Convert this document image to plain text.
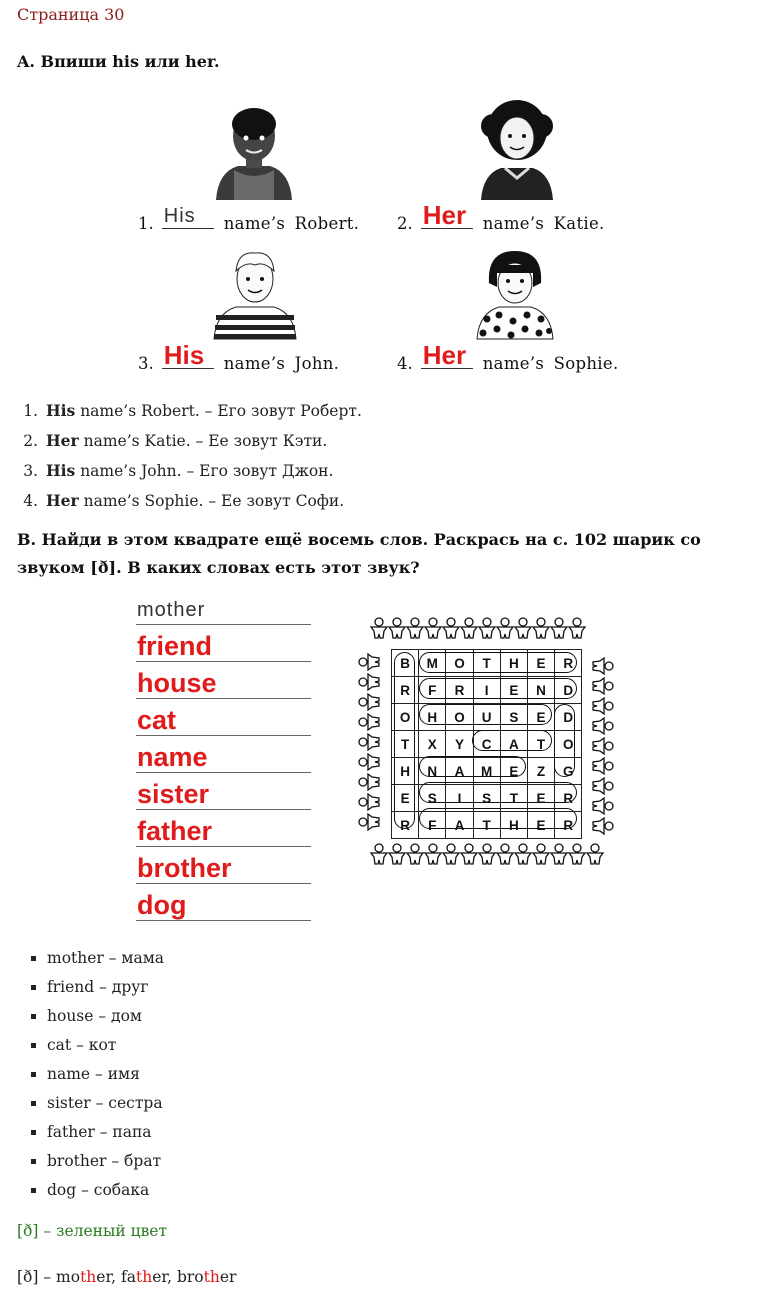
Страница 30
A. Впиши his или her.
1. His name’s Robert. 2. Her name’s Katie.
3. His name’s John.	4. Her name’s Sophie.
1. His name’s Robert. – Его зовут Роберт.
2. Her name’s Katie. – Ее зовут Кэти.
3. His name’s John. – Его зовут Джон.
4. Her name’s Sophie. – Ее зовут Софи.
B. Найди в этом квадрате ещё восемь слов. Раскрась на с. 102 шарик со звуком [ð]. В каких словах есть этот звук?
mother
friend
house
cat
name
sister
father
brother
dog
B	M	O	T	H	E	R
R	F	R	I	E	N	D
O	H	O	U	S	E	D
T	X	Y	C	A	T	O
H	N	A	M	E	Z	G
E	S	I	S	T	E	R
R	F	A	T	H	E	R
▪ mother – мама
▪ friend – друг
▪ house – дом
▪ cat – кот
▪ name – имя
▪ sister – сестра
▪ father – папа
▪ brother – брат
▪ dog – собака
[ð] – зеленый цвет
[ð] – mother, father, brother
